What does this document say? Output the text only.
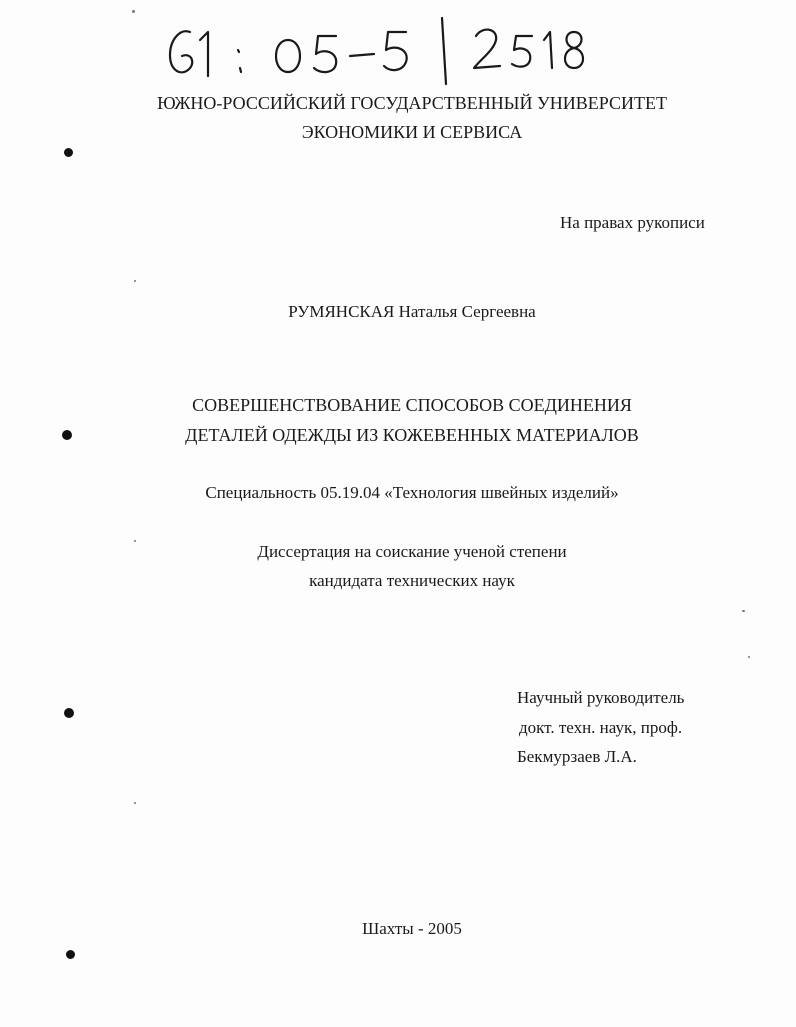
ЮЖНО-РОССИЙСКИЙ ГОСУДАРСТВЕННЫЙ УНИВЕРСИТЕТ
ЭКОНОМИКИ И СЕРВИСА
На правах рукописи
РУМЯНСКАЯ Наталья Сергеевна
СОВЕРШЕНСТВОВАНИЕ СПОСОБОВ СОЕДИНЕНИЯ
ДЕТАЛЕЙ ОДЕЖДЫ ИЗ КОЖЕВЕННЫХ МАТЕРИАЛОВ
Специальность 05.19.04 «Технология швейных изделий»
Диссертация на соискание ученой степени
кандидата технических наук
Научный руководитель
докт. техн. наук, проф.
Бекмурзаев Л.А.
Шахты - 2005
